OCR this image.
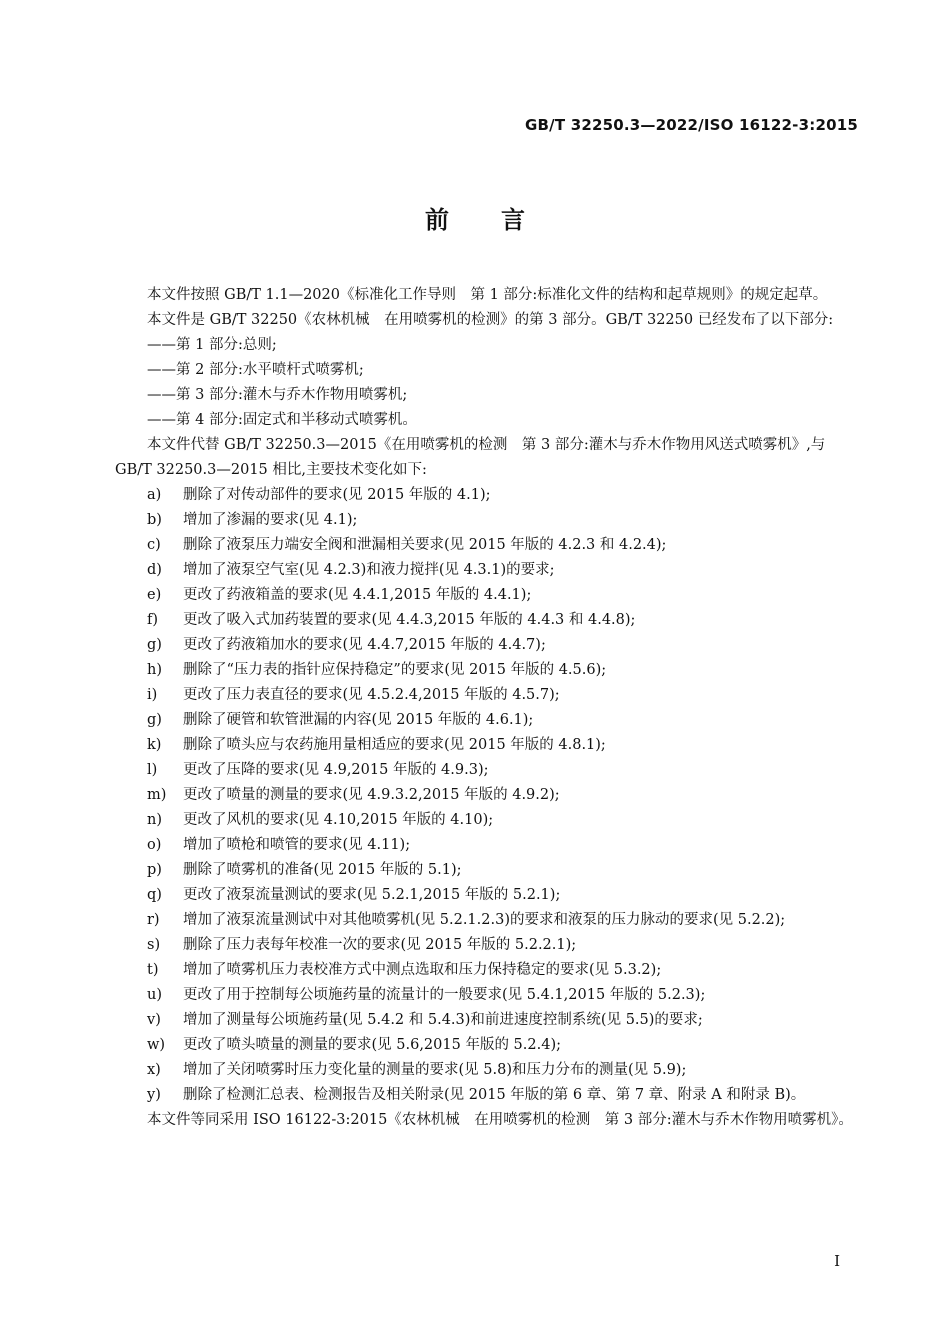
GB/T 32250.3—2022/ISO 16122-3:2015
前言
本文件按照 GB/T 1.1—2020《标准化工作导则　第 1 部分:标准化文件的结构和起草规则》的规定起草。
本文件是 GB/T 32250《农林机械　在用喷雾机的检测》的第 3 部分。GB/T 32250 已经发布了以下部分:
——第 1 部分:总则;
——第 2 部分:水平喷杆式喷雾机;
——第 3 部分:灌木与乔木作物用喷雾机;
——第 4 部分:固定式和半移动式喷雾机。
本文件代替 GB/T 32250.3—2015《在用喷雾机的检测　第 3 部分:灌木与乔木作物用风送式喷雾机》,与 GB/T 32250.3—2015 相比,主要技术变化如下:
a)	删除了对传动部件的要求(见 2015 年版的 4.1);
b)	增加了渗漏的要求(见 4.1);
c)	删除了液泵压力端安全阀和泄漏相关要求(见 2015 年版的 4.2.3 和 4.2.4);
d)	增加了液泵空气室(见 4.2.3)和液力搅拌(见 4.3.1)的要求;
e)	更改了药液箱盖的要求(见 4.4.1,2015 年版的 4.4.1);
f)	更改了吸入式加药装置的要求(见 4.4.3,2015 年版的 4.4.3 和 4.4.8);
g)	更改了药液箱加水的要求(见 4.4.7,2015 年版的 4.4.7);
h)	删除了“压力表的指针应保持稳定”的要求(见 2015 年版的 4.5.6);
i)	更改了压力表直径的要求(见 4.5.2.4,2015 年版的 4.5.7);
g)	删除了硬管和软管泄漏的内容(见 2015 年版的 4.6.1);
k)	删除了喷头应与农药施用量相适应的要求(见 2015 年版的 4.8.1);
l)	更改了压降的要求(见 4.9,2015 年版的 4.9.3);
m)	更改了喷量的测量的要求(见 4.9.3.2,2015 年版的 4.9.2);
n)	更改了风机的要求(见 4.10,2015 年版的 4.10);
o)	增加了喷枪和喷管的要求(见 4.11);
p)	删除了喷雾机的准备(见 2015 年版的 5.1);
q)	更改了液泵流量测试的要求(见 5.2.1,2015 年版的 5.2.1);
r)	增加了液泵流量测试中对其他喷雾机(见 5.2.1.2.3)的要求和液泵的压力脉动的要求(见 5.2.2);
s)	删除了压力表每年校准一次的要求(见 2015 年版的 5.2.2.1);
t)	增加了喷雾机压力表校准方式中测点选取和压力保持稳定的要求(见 5.3.2);
u)	更改了用于控制每公顷施药量的流量计的一般要求(见 5.4.1,2015 年版的 5.2.3);
v)	增加了测量每公顷施药量(见 5.4.2 和 5.4.3)和前进速度控制系统(见 5.5)的要求;
w)	更改了喷头喷量的测量的要求(见 5.6,2015 年版的 5.2.4);
x)	增加了关闭喷雾时压力变化量的测量的要求(见 5.8)和压力分布的测量(见 5.9);
y)	删除了检测汇总表、检测报告及相关附录(见 2015 年版的第 6 章、第 7 章、附录 A 和附录 B)。
本文件等同采用 ISO 16122-3:2015《农林机械　在用喷雾机的检测　第 3 部分:灌木与乔木作物用喷雾机》。
I
